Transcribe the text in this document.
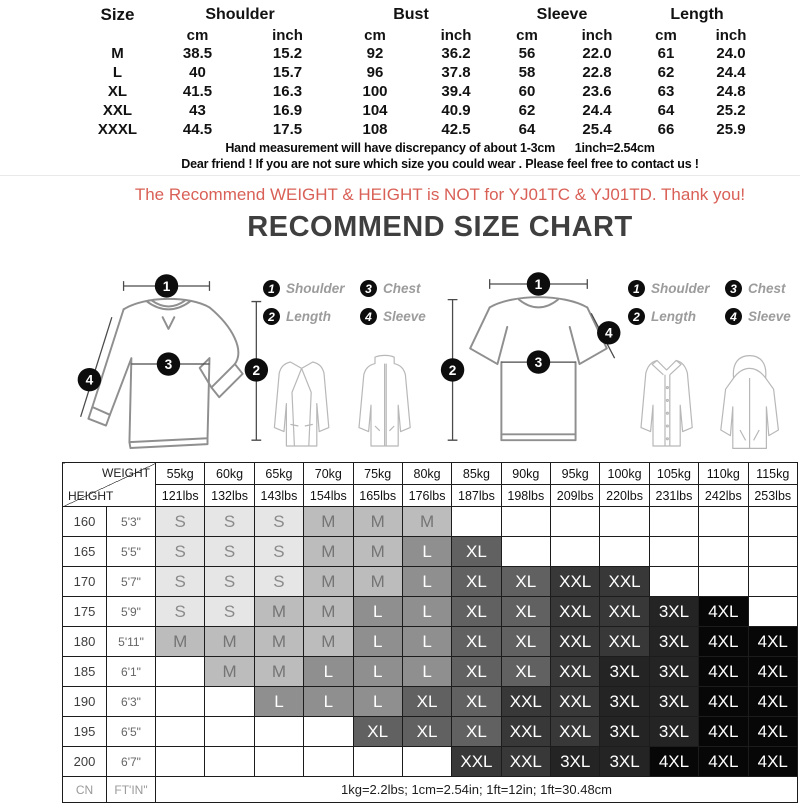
Size	Shoulder		Bust		Sleeve		Length	
	cm	inch	cm	inch	cm	inch	cm	inch
M	38.5	15.2	92	36.2	56	22.0	61	24.0
L	40	15.7	96	37.8	58	22.8	62	24.4
XL	41.5	16.3	100	39.4	60	23.6	63	24.8
XXL	43	16.9	104	40.9	62	24.4	64	25.2
XXXL	44.5	17.5	108	42.5	64	25.4	66	25.9
Hand measurement will have discrepancy of about 1-3cm      1inch=2.54cm
Dear friend ! If you are not sure which size you could wear . Please feel free to contact us !
The Recommend WEIGHT & HEIGHT is NOT for YJ01TC & YJ01TD. Thank you!
RECOMMEND SIZE CHART
1
3	2
4
1 Shoulder	3 Chest
2 Length	4 Sleeve
1
2
3
4
1 Shoulder	3 Chest
2 Length	4 Sleeve
WEIGHT
HEIGHT		55kg	60kg	65kg	70kg	75kg	80kg	85kg	90kg	95kg	100kg	105kg	110kg	115kg
		121lbs	132lbs	143lbs	154lbs	165lbs	176lbs	187lbs	198lbs	209lbs	220lbs	231lbs	242lbs	253lbs
160	5'3"	S	S	S	M	M	M							
165	5'5"	S	S	S	M	M	L	XL						
170	5'7"	S	S	S	M	M	L	XL	XL	XXL	XXL			
175	5'9"	S	S	M	M	L	L	XL	XL	XXL	XXL	3XL	4XL	
180	5'11"	M	M	M	M	L	L	XL	XL	XXL	XXL	3XL	4XL	4XL
185	6'1"		M	M	L	L	L	XL	XL	XXL	3XL	3XL	4XL	4XL
190	6'3"			L	L	L	XL	XL	XXL	XXL	3XL	3XL	4XL	4XL
195	6'5"					XL	XL	XL	XXL	XXL	3XL	3XL	4XL	4XL
200	6'7"							XXL	XXL	3XL	3XL	4XL	4XL	4XL
CN	FT'IN"	1kg=2.2lbs; 1cm=2.54in; 1ft=12in; 1ft=30.48cm												
